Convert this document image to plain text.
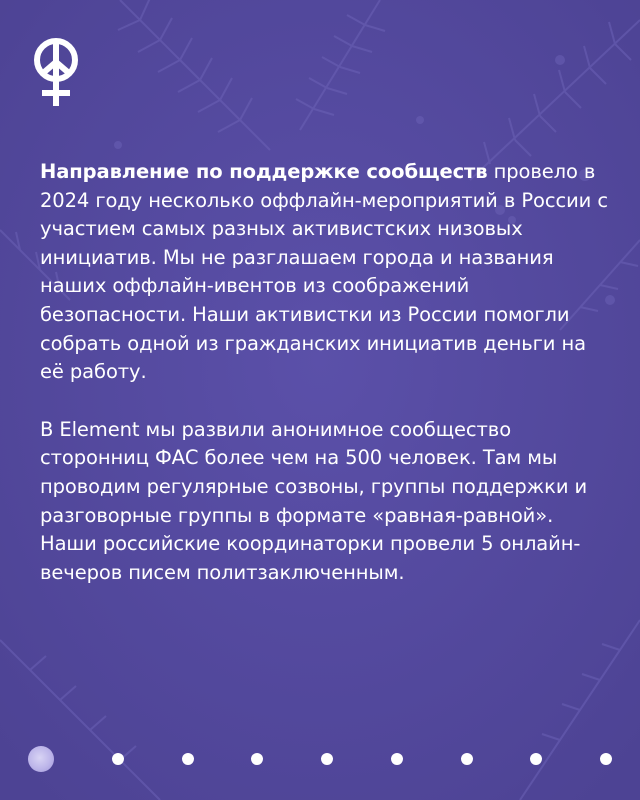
Направление по поддержке сообществ провело в 2024 году несколько оффлайн-мероприятий в России с участием самых разных активистских низовых инициатив. Мы не разглашаем города и названия наших оффлайн-ивентов из соображений безопасности. Наши активистки из России помогли собрать одной из гражданских инициатив деньги на её работу.

В Element мы развили анонимное сообщество сторонниц ФАС более чем на 500 человек. Там мы проводим регулярные созвоны, группы поддержки и разговорные группы в формате «равная-равной». Наши российские координаторки провели 5 онлайн-вечеров писем политзаключенным.
